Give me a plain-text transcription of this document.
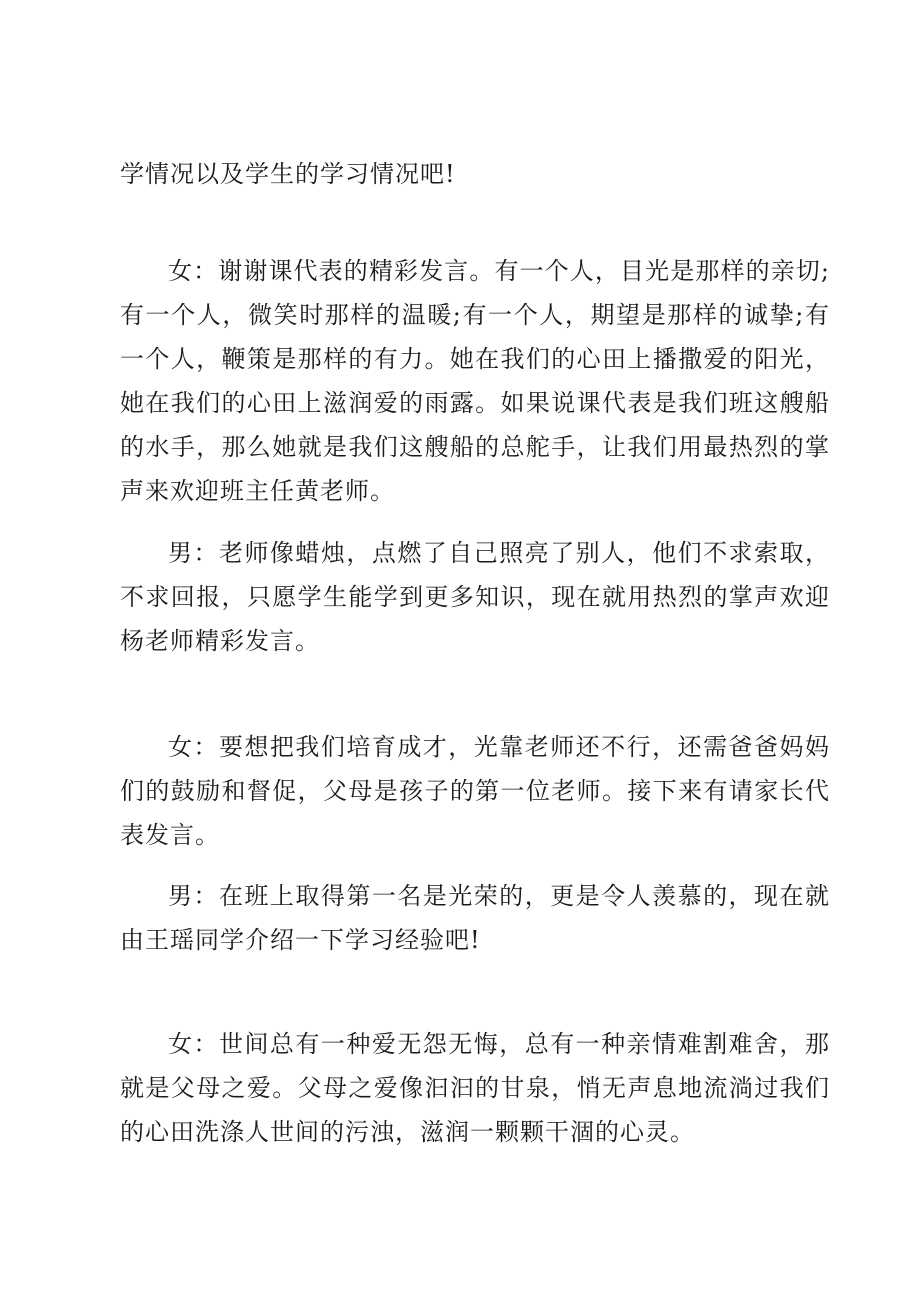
学情况以及学生的学习情况吧!

女：谢谢课代表的精彩发言。有一个人，目光是那样的亲切;有一个人，微笑时那样的温暖;有一个人，期望是那样的诚挚;有一个人，鞭策是那样的有力。她在我们的心田上播撒爱的阳光，她在我们的心田上滋润爱的雨露。如果说课代表是我们班这艘船的水手，那么她就是我们这艘船的总舵手，让我们用最热烈的掌声来欢迎班主任黄老师。

男：老师像蜡烛，点燃了自己照亮了别人，他们不求索取，不求回报，只愿学生能学到更多知识，现在就用热烈的掌声欢迎杨老师精彩发言。

女：要想把我们培育成才，光靠老师还不行，还需爸爸妈妈们的鼓励和督促，父母是孩子的第一位老师。接下来有请家长代表发言。

男：在班上取得第一名是光荣的，更是令人羡慕的，现在就由王瑶同学介绍一下学习经验吧!

女：世间总有一种爱无怨无悔，总有一种亲情难割难舍，那就是父母之爱。父母之爱像汩汩的甘泉，悄无声息地流淌过我们的心田洗涤人世间的污浊，滋润一颗颗干涸的心灵。
